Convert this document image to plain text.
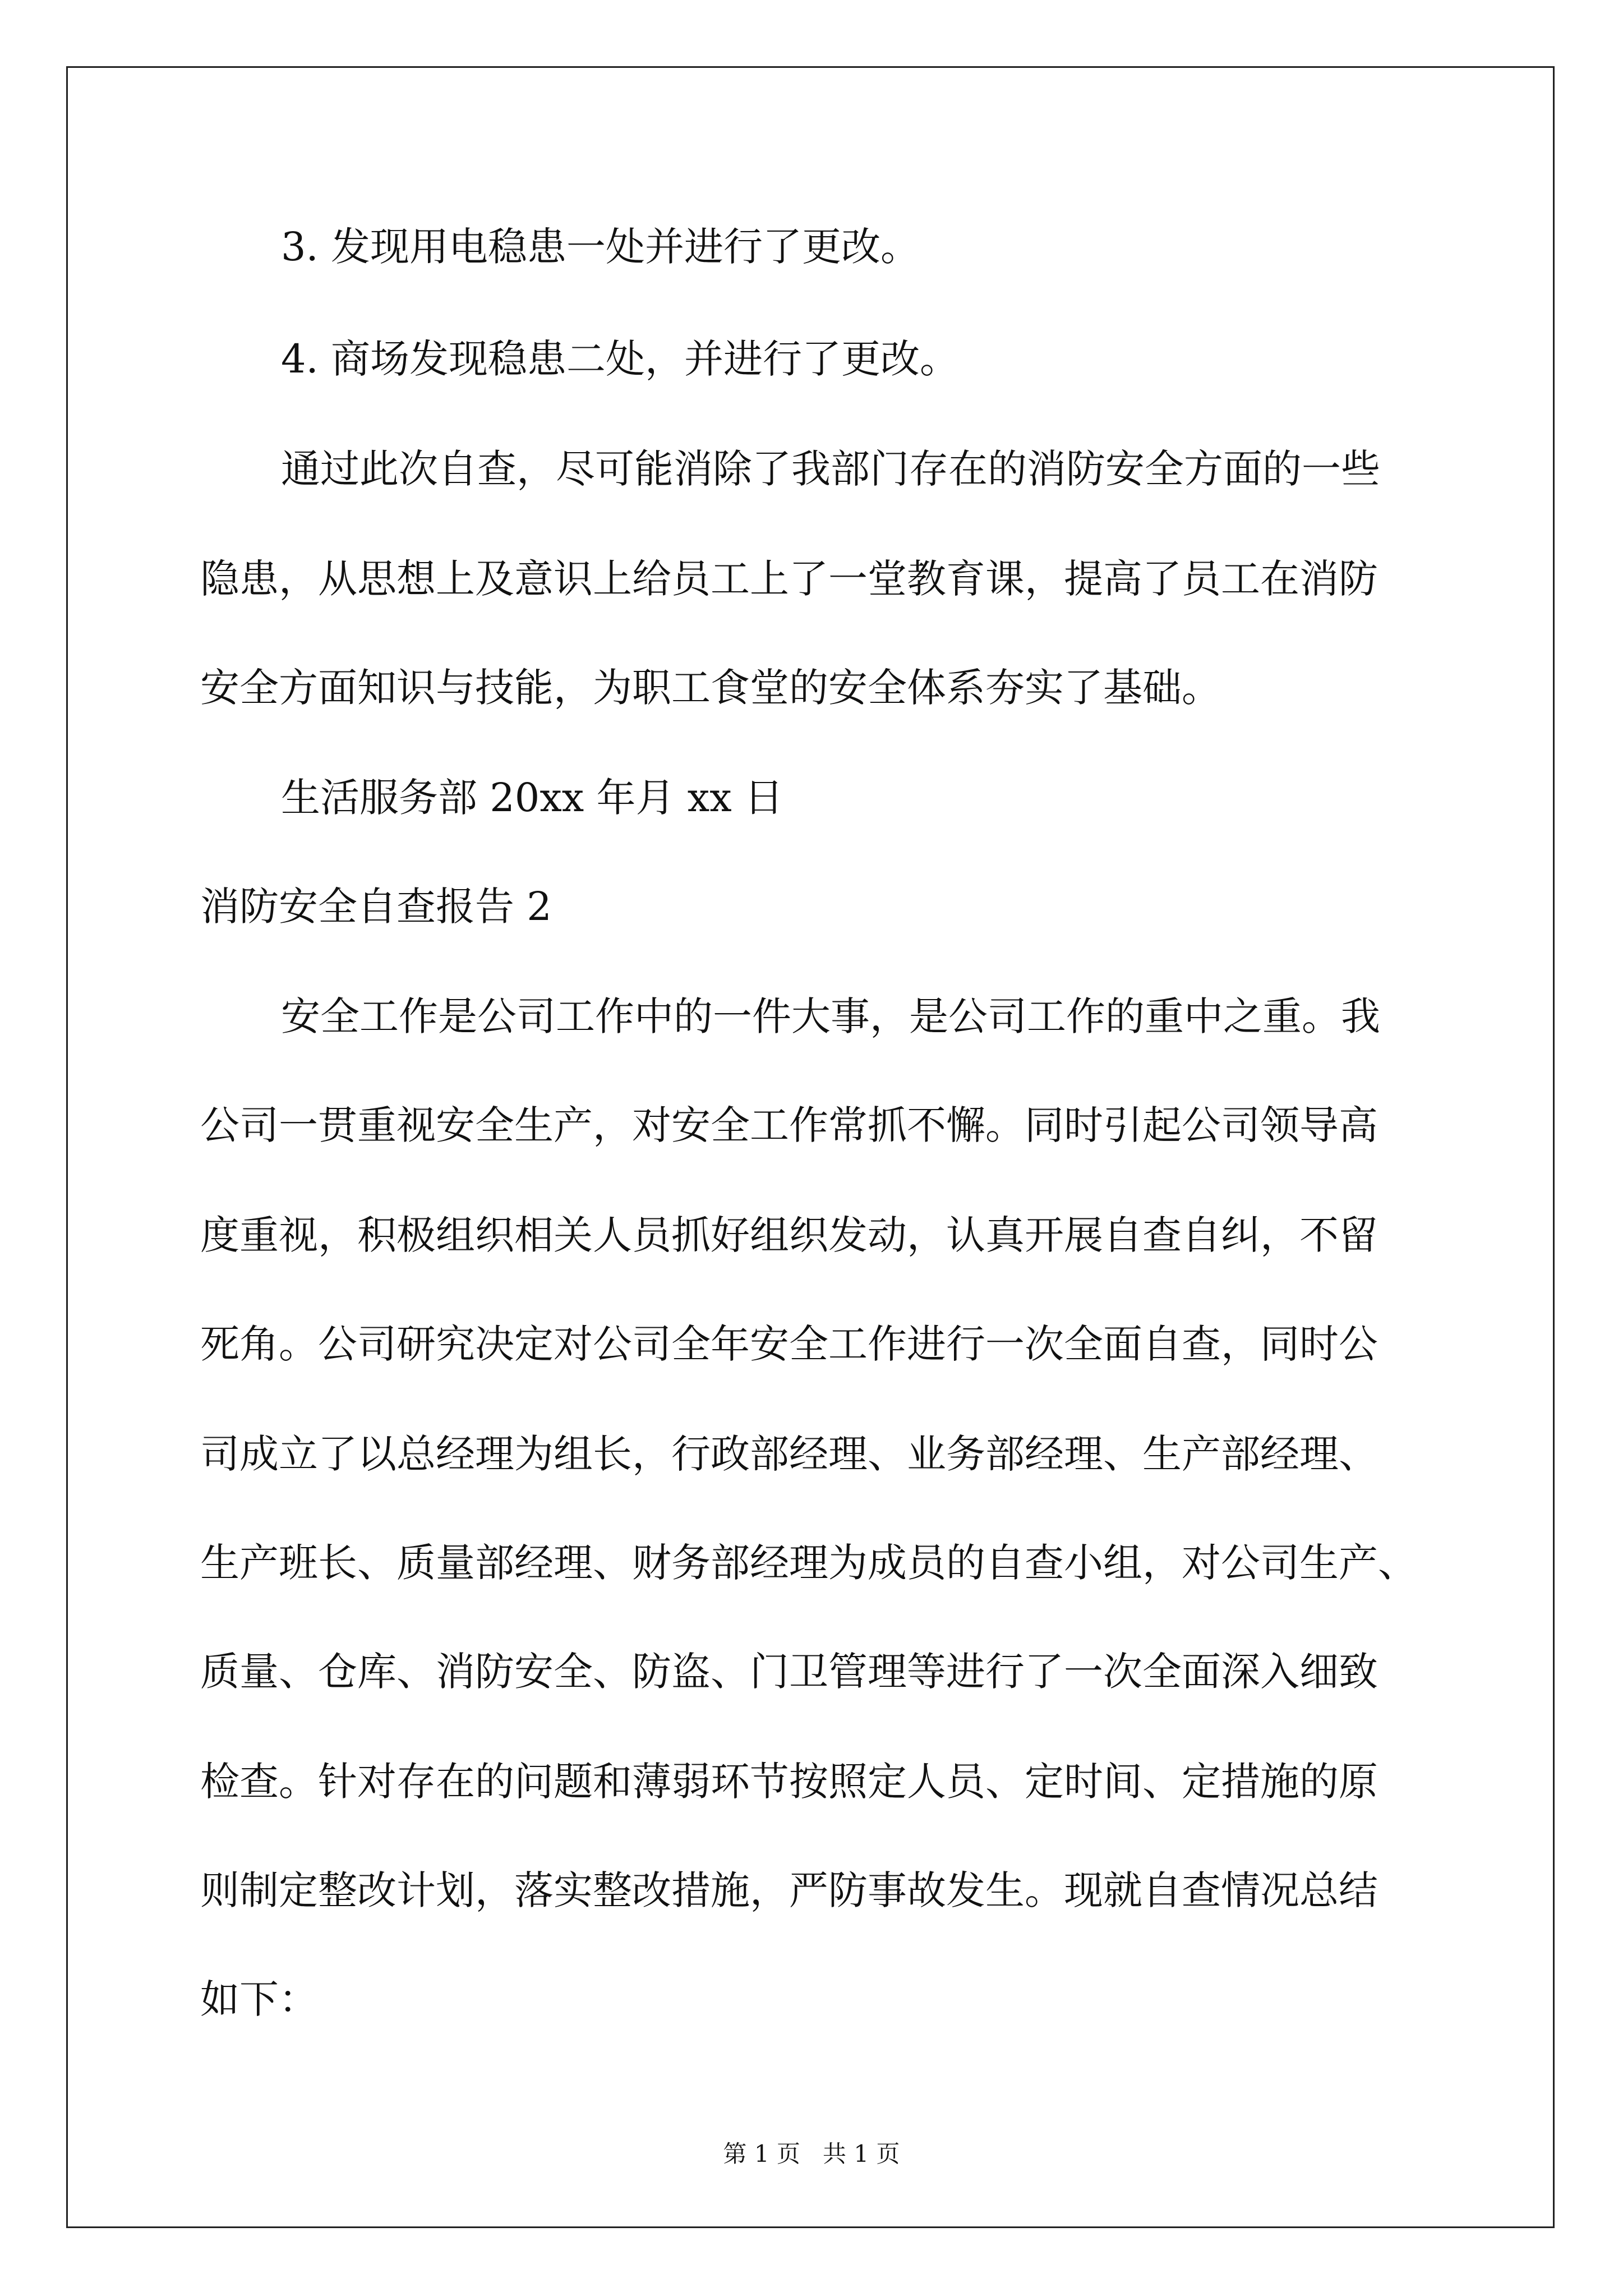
3. 发现用电稳患一处并进行了更改。
4. 商场发现稳患二处，并进行了更改。
通过此次自查，尽可能消除了我部门存在的消防安全方面的一些
隐患，从思想上及意识上给员工上了一堂教育课，提高了员工在消防
安全方面知识与技能，为职工食堂的安全体系夯实了基础。
生活服务部 20xx 年月 xx 日
消防安全自查报告 2
安全工作是公司工作中的一件大事，是公司工作的重中之重。我
公司一贯重视安全生产，对安全工作常抓不懈。同时引起公司领导高
度重视，积极组织相关人员抓好组织发动，认真开展自查自纠，不留
死角。公司研究决定对公司全年安全工作进行一次全面自查，同时公
司成立了以总经理为组长，行政部经理、业务部经理、生产部经理、
生产班长、质量部经理、财务部经理为成员的自查小组，对公司生产、
质量、仓库、消防安全、防盗、门卫管理等进行了一次全面深入细致
检查。针对存在的问题和薄弱环节按照定人员、定时间、定措施的原
则制定整改计划，落实整改措施，严防事故发生。现就自查情况总结
如下：
第 1 页   共 1 页
